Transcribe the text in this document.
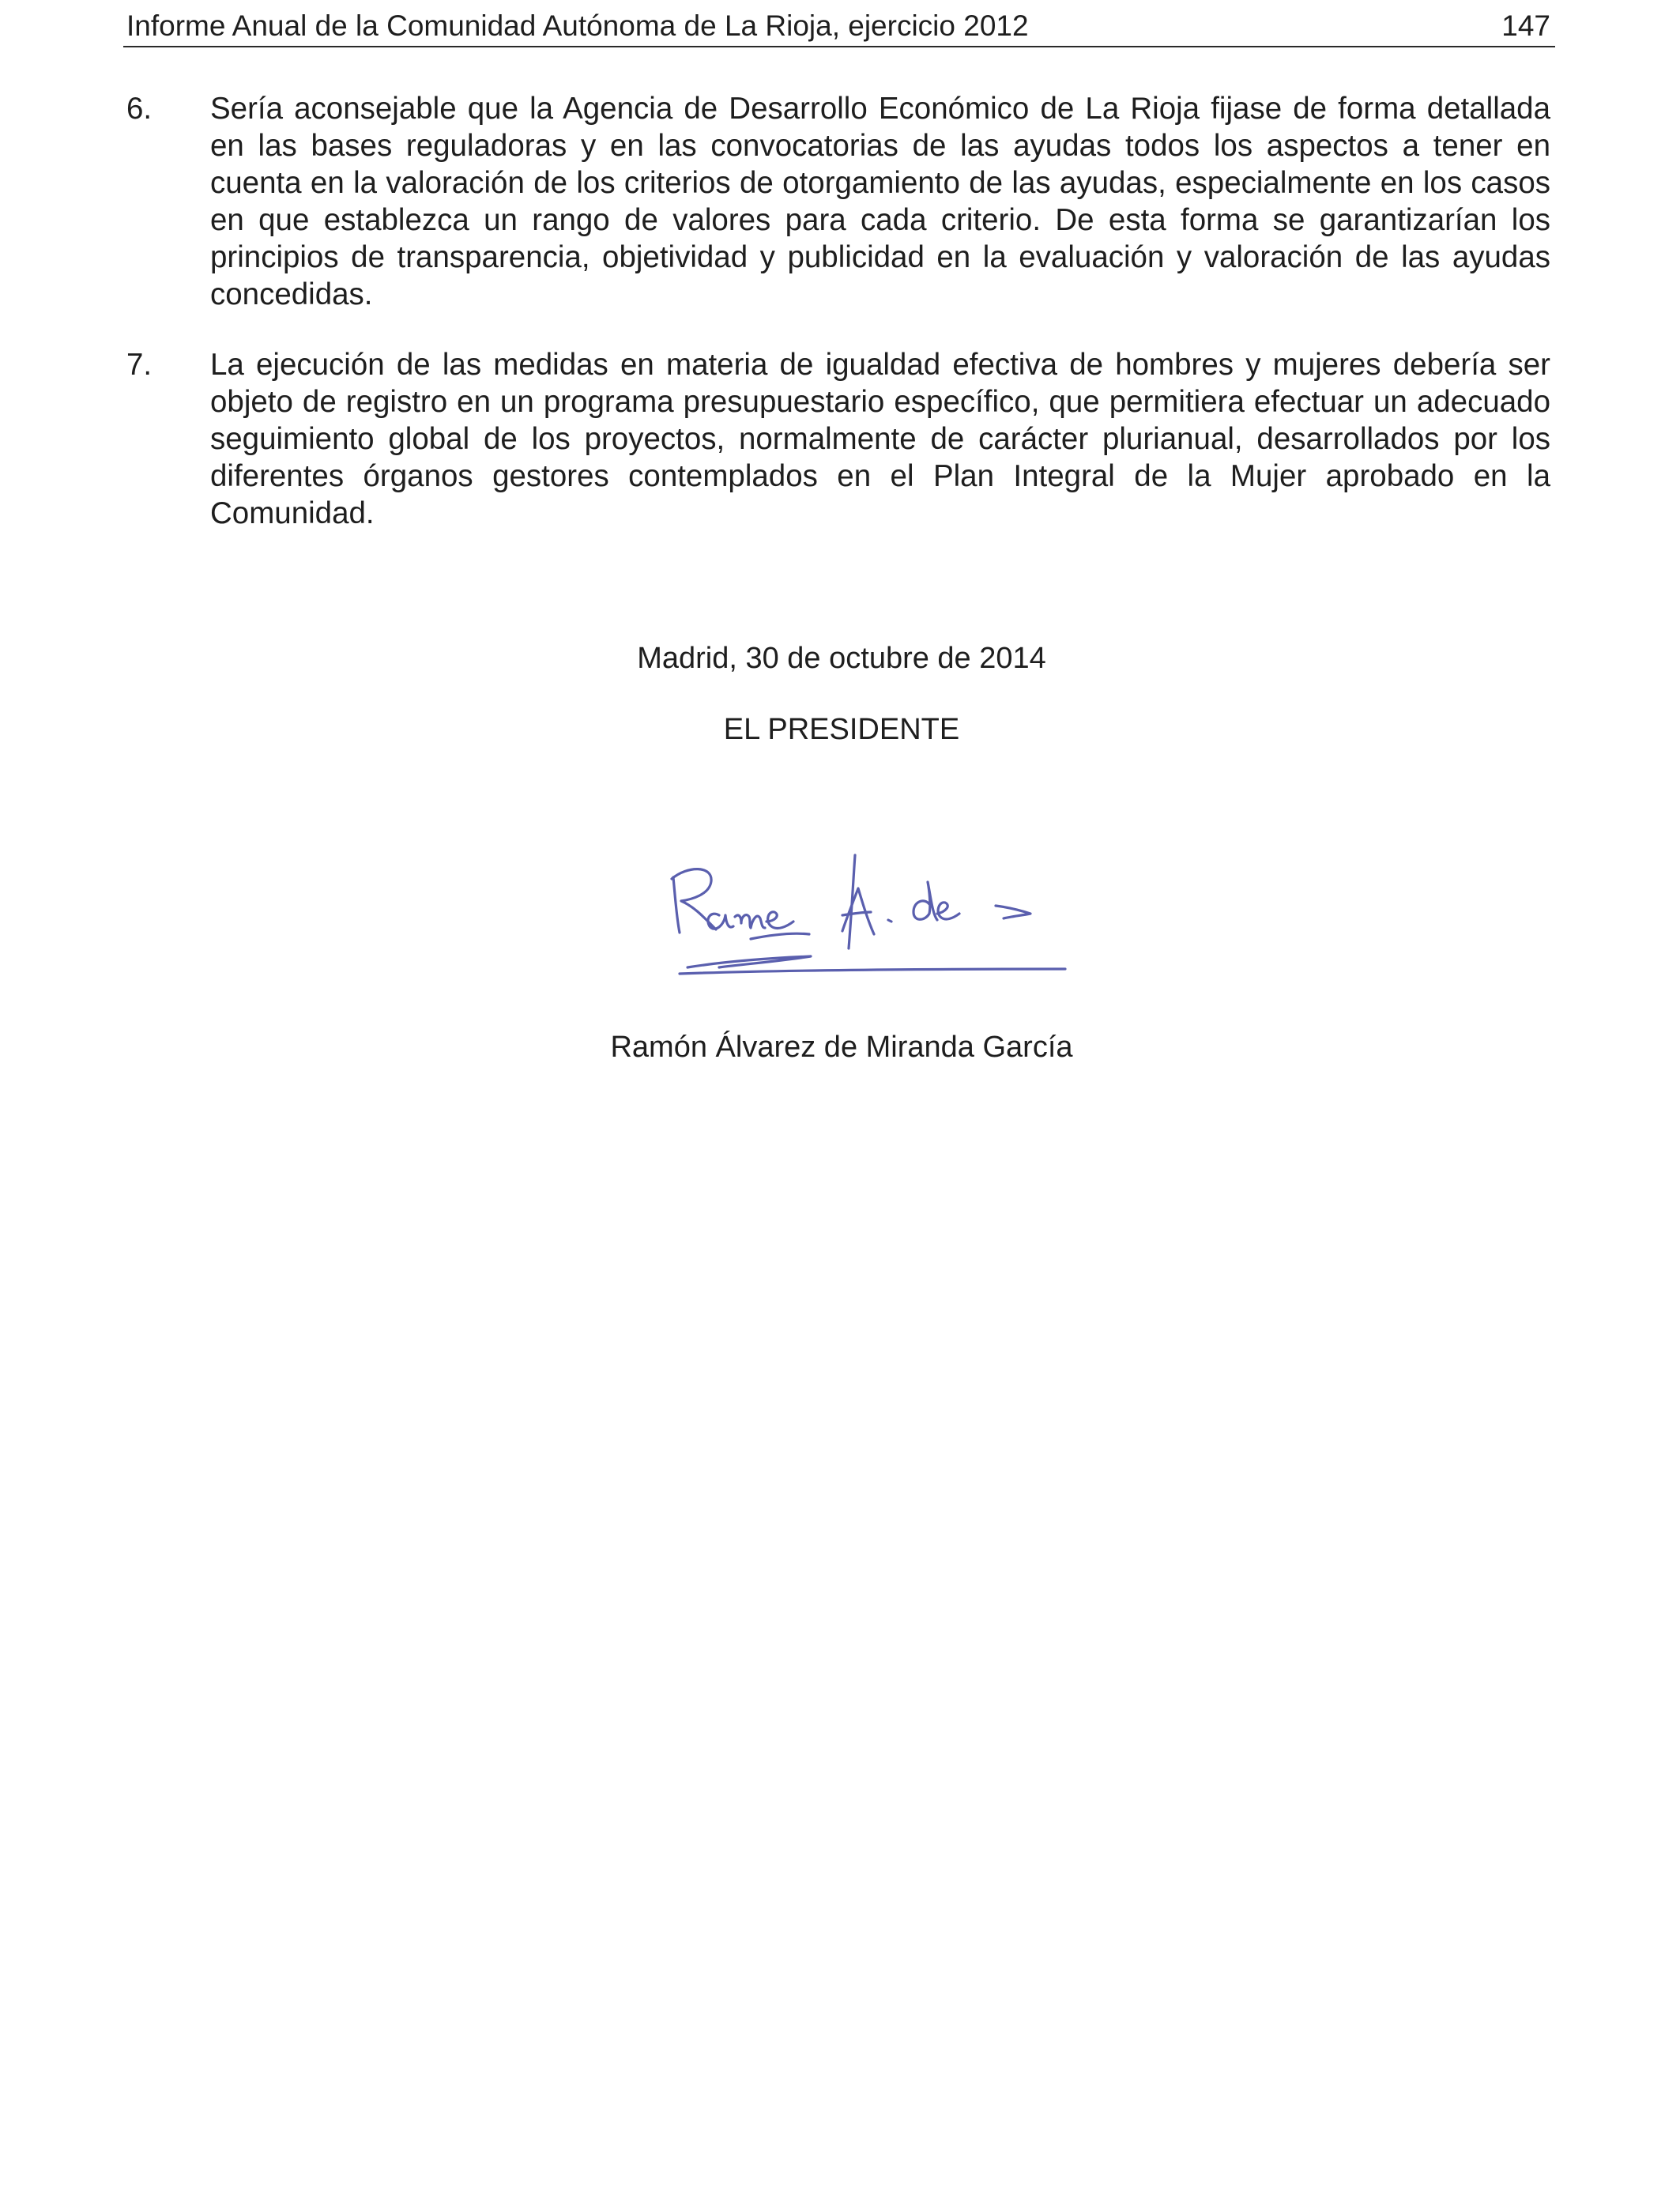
Informe Anual de la Comunidad Autónoma de La Rioja, ejercicio 2012	147
6. Sería aconsejable que la Agencia de Desarrollo Económico de La Rioja fijase de forma detallada en las bases reguladoras y en las convocatorias de las ayudas todos los aspectos a tener en cuenta en la valoración de los criterios de otorgamiento de las ayudas, especialmente en los casos en que establezca un rango de valores para cada criterio. De esta forma se garantizarían los principios de transparencia, objetividad y publicidad en la evaluación y valoración de las ayudas concedidas.
7. La ejecución de las medidas en materia de igualdad efectiva de hombres y mujeres debería ser objeto de registro en un programa presupuestario específico, que permitiera efectuar un adecuado seguimiento global de los proyectos, normalmente de carácter plurianual, desarrollados por los diferentes órganos gestores contemplados en el Plan Integral de la Mujer aprobado en la Comunidad.
Madrid, 30 de octubre de 2014
EL PRESIDENTE
Ramón Álvarez de Miranda García
